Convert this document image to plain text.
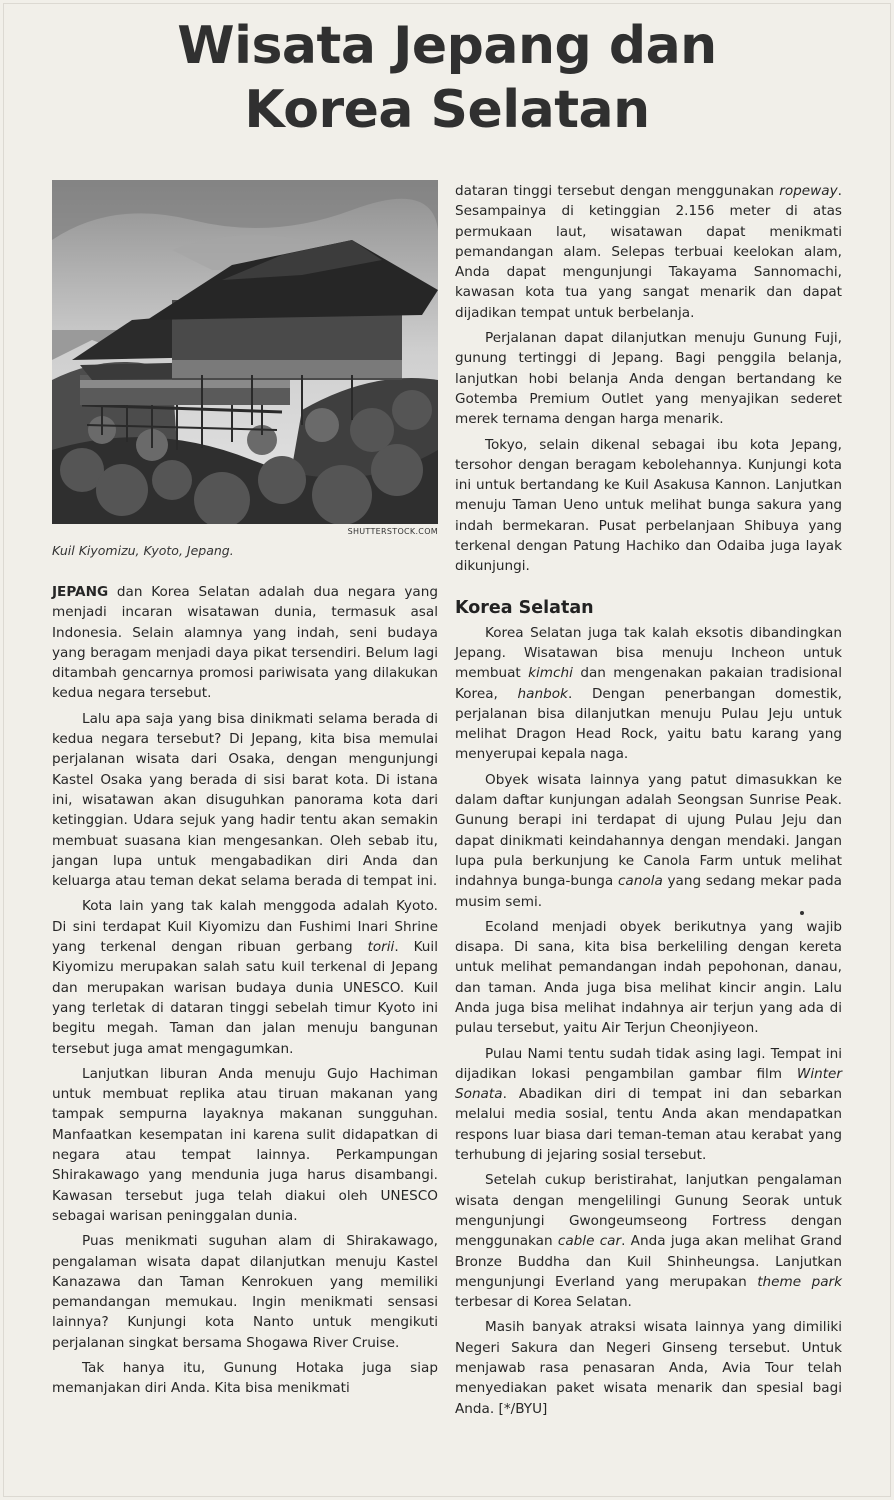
Wisata Jepang dan
Korea Selatan
SHUTTERSTOCK.COM
Kuil Kiyomizu, Kyoto, Jepang.

JEPANG dan Korea Selatan adalah dua negara yang menjadi incaran wisatawan dunia, termasuk asal Indonesia. Selain alamnya yang indah, seni budaya yang beragam menjadi daya pikat tersendiri. Belum lagi ditambah gencarnya promosi pariwisata yang dilakukan kedua negara tersebut.

Lalu apa saja yang bisa dinikmati selama berada di kedua negara tersebut? Di Jepang, kita bisa memulai perjalanan wisata dari Osaka, dengan mengunjungi Kastel Osaka yang berada di sisi barat kota. Di istana ini, wisatawan akan disuguhkan panorama kota dari ketinggian. Udara sejuk yang hadir tentu akan semakin membuat suasana kian mengesankan. Oleh sebab itu, jangan lupa untuk mengabadikan diri Anda dan keluarga atau teman dekat selama berada di tempat ini.

Kota lain yang tak kalah menggoda adalah Kyoto. Di sini terdapat Kuil Kiyomizu dan Fushimi Inari Shrine yang terkenal dengan ribuan gerbang torii. Kuil Kiyomizu merupakan salah satu kuil terkenal di Jepang dan merupakan warisan budaya dunia UNESCO. Kuil yang terletak di dataran tinggi sebelah timur Kyoto ini begitu megah. Taman dan jalan menuju bangunan tersebut juga amat mengagumkan.

Lanjutkan liburan Anda menuju Gujo Hachiman untuk membuat replika atau tiruan makanan yang tampak sempurna layaknya makanan sungguhan. Manfaatkan kesempatan ini karena sulit didapatkan di negara atau tempat lainnya. Perkampungan Shirakawago yang mendunia juga harus disambangi. Kawasan tersebut juga telah diakui oleh UNESCO sebagai warisan peninggalan dunia.

Puas menikmati suguhan alam di Shirakawago, pengalaman wisata dapat dilanjutkan menuju Kastel Kanazawa dan Taman Kenrokuen yang memiliki pemandangan memukau. Ingin menikmati sensasi lainnya? Kunjungi kota Nanto untuk mengikuti perjalanan singkat bersama Shogawa River Cruise.

Tak hanya itu, Gunung Hotaka juga siap memanjakan diri Anda. Kita bisa menikmati

dataran tinggi tersebut dengan menggunakan ropeway. Sesampainya di ketinggian 2.156 meter di atas permukaan laut, wisatawan dapat menikmati pemandangan alam. Selepas terbuai keelokan alam, Anda dapat mengunjungi Takayama Sannomachi, kawasan kota tua yang sangat menarik dan dapat dijadikan tempat untuk berbelanja.

Perjalanan dapat dilanjutkan menuju Gunung Fuji, gunung tertinggi di Jepang. Bagi penggila belanja, lanjutkan hobi belanja Anda dengan bertandang ke Gotemba Premium Outlet yang menyajikan sederet merek ternama dengan harga menarik.

Tokyo, selain dikenal sebagai ibu kota Jepang, tersohor dengan beragam kebolehannya. Kunjungi kota ini untuk bertandang ke Kuil Asakusa Kannon. Lanjutkan menuju Taman Ueno untuk melihat bunga sakura yang indah bermekaran. Pusat perbelanjaan Shibuya yang terkenal dengan Patung Hachiko dan Odaiba juga layak dikunjungi.

Korea Selatan

Korea Selatan juga tak kalah eksotis dibandingkan Jepang. Wisatawan bisa menuju Incheon untuk membuat kimchi dan mengenakan pakaian tradisional Korea, hanbok. Dengan penerbangan domestik, perjalanan bisa dilanjutkan menuju Pulau Jeju untuk melihat Dragon Head Rock, yaitu batu karang yang menyerupai kepala naga.

Obyek wisata lainnya yang patut dimasukkan ke dalam daftar kunjungan adalah Seongsan Sunrise Peak. Gunung berapi ini terdapat di ujung Pulau Jeju dan dapat dinikmati keindahannya dengan mendaki. Jangan lupa pula berkunjung ke Canola Farm untuk melihat indahnya bunga-bunga canola yang sedang mekar pada musim semi.

Ecoland menjadi obyek berikutnya yang wajib disapa. Di sana, kita bisa berkeliling dengan kereta untuk melihat pemandangan indah pepohonan, danau, dan taman. Anda juga bisa melihat kincir angin. Lalu Anda juga bisa melihat indahnya air terjun yang ada di pulau tersebut, yaitu Air Terjun Cheonjiyeon.

Pulau Nami tentu sudah tidak asing lagi. Tempat ini dijadikan lokasi pengambilan gambar film Winter Sonata. Abadikan diri di tempat ini dan sebarkan melalui media sosial, tentu Anda akan mendapatkan respons luar biasa dari teman-teman atau kerabat yang terhubung di jejaring sosial tersebut.

Setelah cukup beristirahat, lanjutkan pengalaman wisata dengan mengelilingi Gunung Seorak untuk mengunjungi Gwongeumseong Fortress dengan menggunakan cable car. Anda juga akan melihat Grand Bronze Buddha dan Kuil Shinheungsa. Lanjutkan mengunjungi Everland yang merupakan theme park terbesar di Korea Selatan.

Masih banyak atraksi wisata lainnya yang dimiliki Negeri Sakura dan Negeri Ginseng tersebut. Untuk menjawab rasa penasaran Anda, Avia Tour telah menyediakan paket wisata menarik dan spesial bagi Anda. [*/BYU]
